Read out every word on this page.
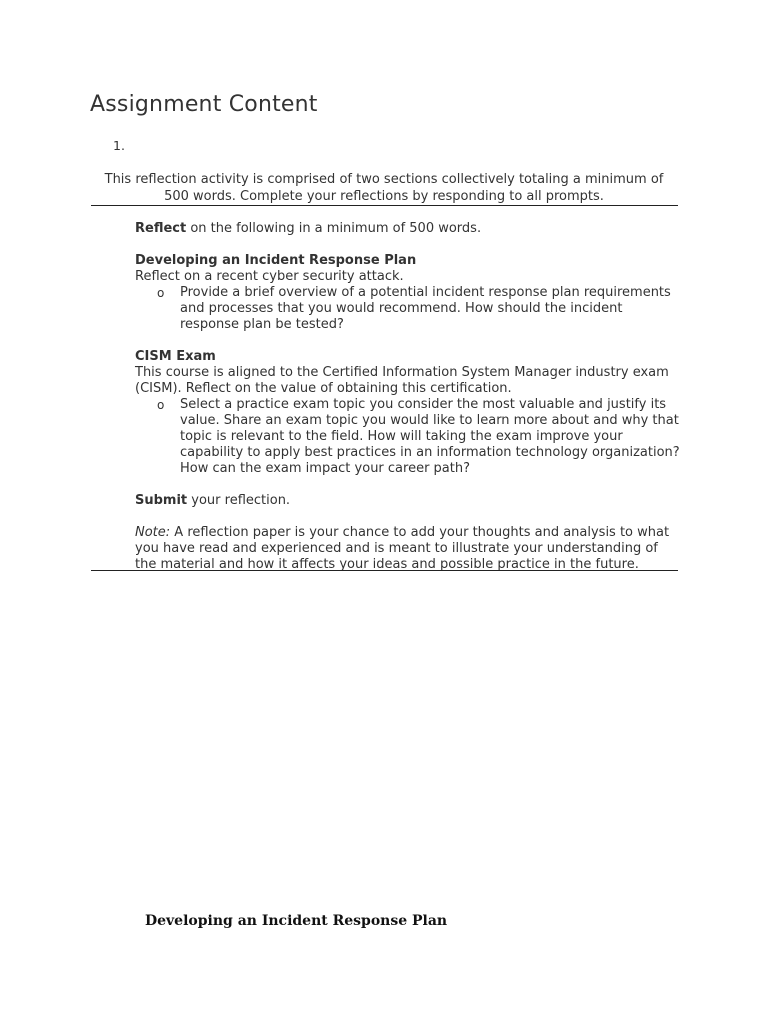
Assignment Content
1.
This reflection activity is comprised of two sections collectively totaling a minimum of 500 words. Complete your reflections by responding to all prompts.

Reflect on the following in a minimum of 500 words.

Developing an Incident Response Plan

Reflect on a recent cyber security attack.

o Provide a brief overview of a potential incident response plan requirements and processes that you would recommend. How should the incident response plan be tested?

CISM Exam

This course is aligned to the Certified Information System Manager industry exam (CISM). Reflect on the value of obtaining this certification.

o Select a practice exam topic you consider the most valuable and justify its value. Share an exam topic you would like to learn more about and why that topic is relevant to the field. How will taking the exam improve your capability to apply best practices in an information technology organization? How can the exam impact your career path?

Submit your reflection.

Note: A reflection paper is your chance to add your thoughts and analysis to what you have read and experienced and is meant to illustrate your understanding of the material and how it affects your ideas and possible practice in the future.

Developing an Incident Response Plan
